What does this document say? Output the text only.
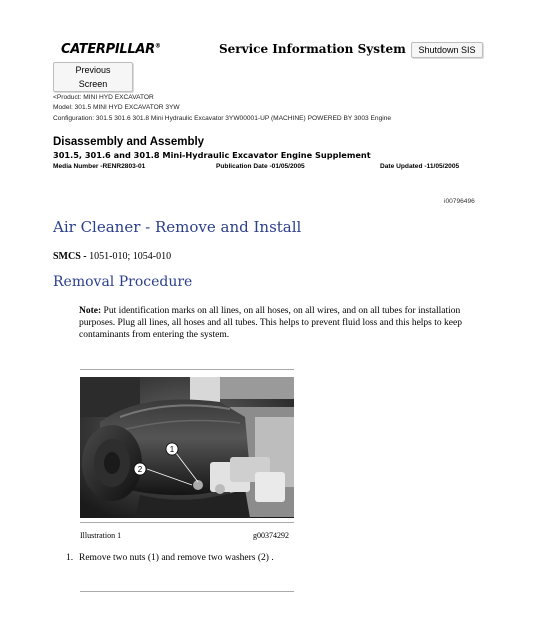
CATERPILLAR®	Service Information System	Shutdown SIS
Previous Screen
<Product: MINI HYD EXCAVATOR
Model: 301.5 MINI HYD EXCAVATOR 3YW
Configuration: 301.5 301.6 301.8 Mini Hydraulic Excavator 3YW00001-UP (MACHINE) POWERED BY 3003 Engine
Disassembly and Assembly
301.5, 301.6 and 301.8 Mini-Hydraulic Excavator Engine Supplement
Media Number -RENR2803-01	Publication Date -01/05/2005	Date Updated -11/05/2005
i00796496
Air Cleaner - Remove and Install
SMCS - 1051-010; 1054-010
Removal Procedure
Note: Put identification marks on all lines, on all hoses, on all wires, and on all tubes for installation purposes. Plug all lines, all hoses and all tubes. This helps to prevent fluid loss and this helps to keep contaminants from entering the system.
1
2
Illustration 1	g00374292
1. Remove two nuts (1) and remove two washers (2) .
